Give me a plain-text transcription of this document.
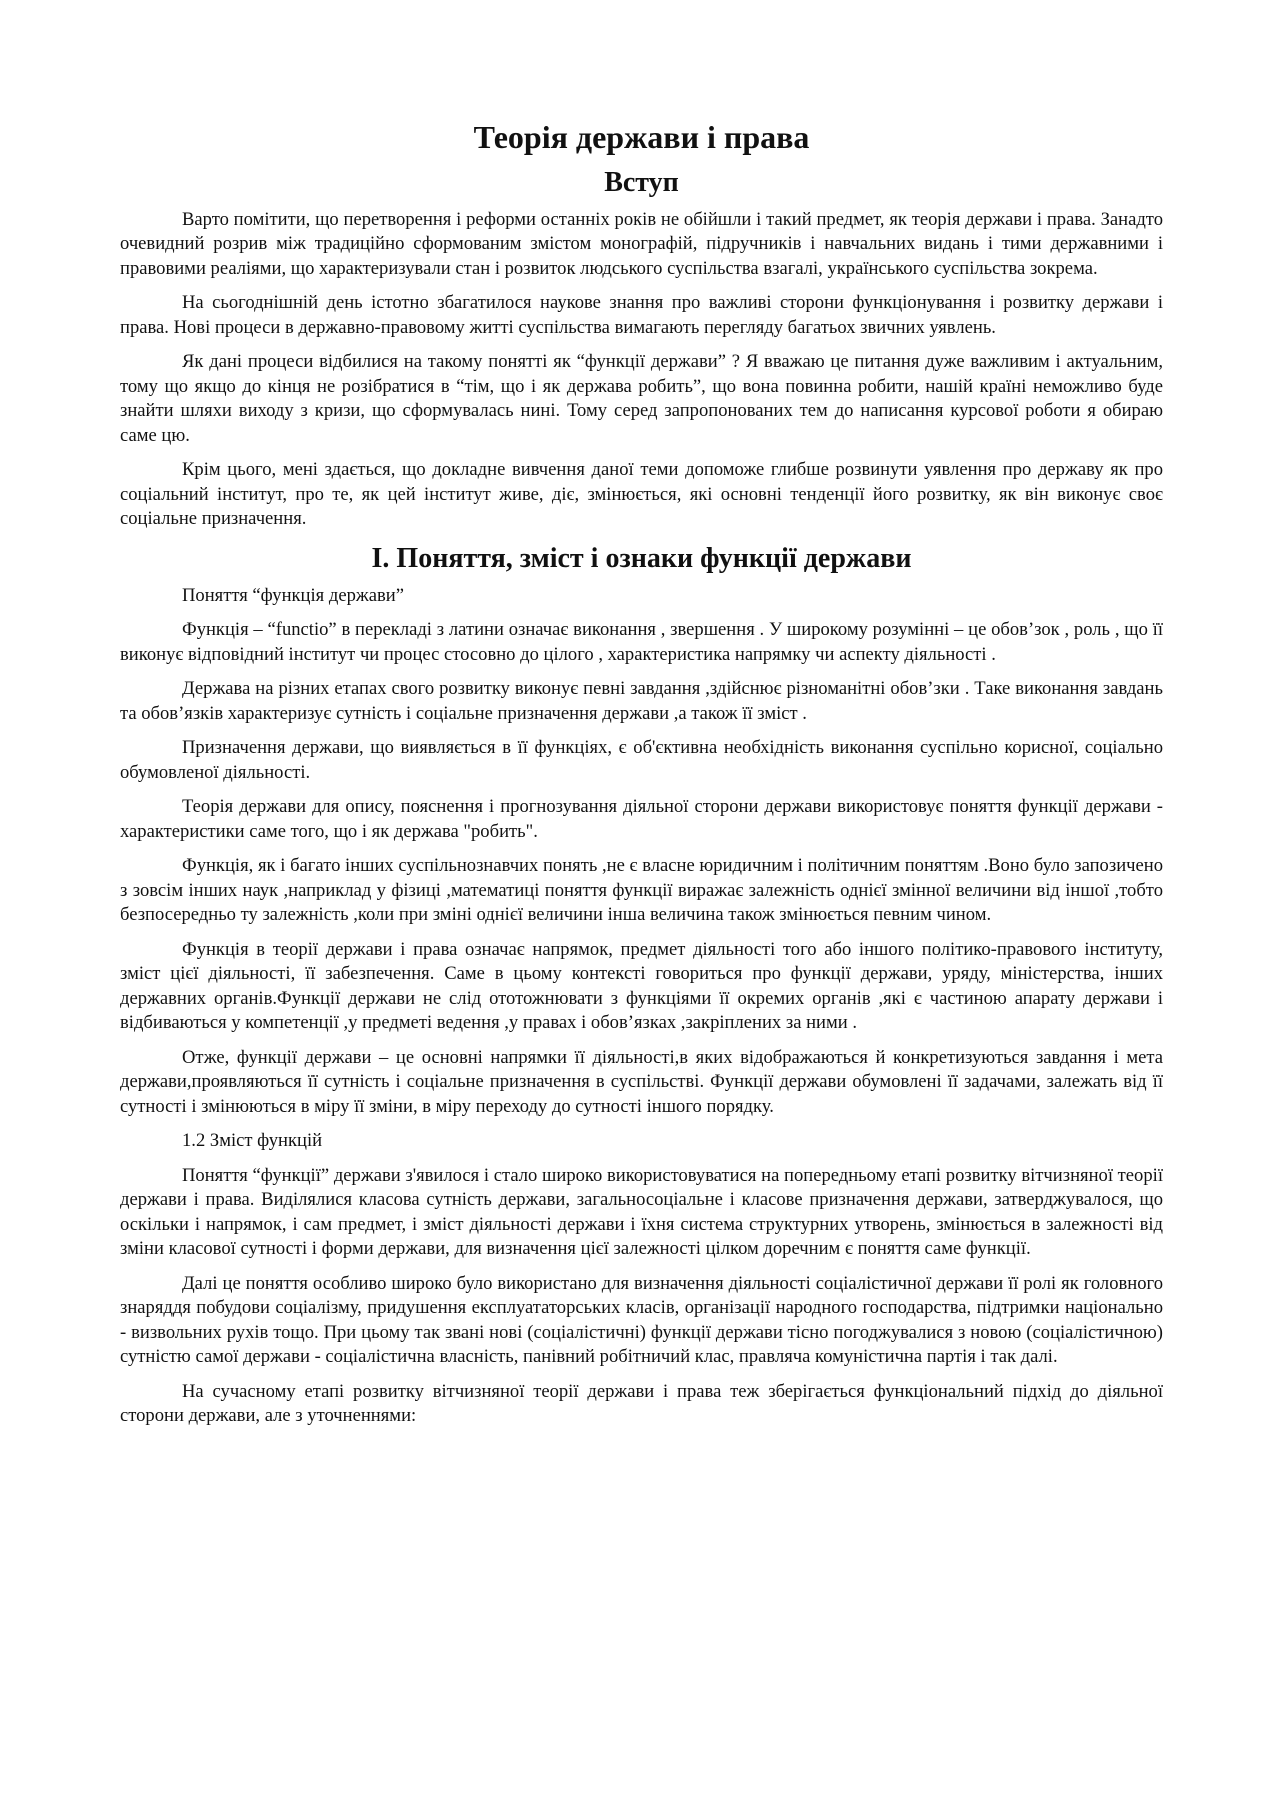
Теорія держави і права
Вступ

Варто помітити, що перетворення і реформи останніх років не обійшли і такий предмет, як теорія держави і права. Занадто очевидний розрив між традиційно сформованим змістом монографій, підручників і навчальних видань і тими державними і правовими реаліями, що характеризували стан і розвиток людського суспільства взагалі, українського суспільства зокрема.

На сьогоднішній день істотно збагатилося наукове знання про важливі сторони функціонування і розвитку держави і права. Нові процеси в державно-правовому житті суспільства вимагають перегляду багатьох звичних уявлень.

Як дані процеси відбилися на такому понятті як “функції держави” ? Я вважаю це питання дуже важливим і актуальним, тому що якщо до кінця не розібратися в “тім, що і як держава робить”, що вона повинна робити, нашій країні неможливо буде знайти шляхи виходу з кризи, що сформувалась нині. Тому серед запропонованих тем до написання курсової роботи я обираю саме цю.

Крім цього, мені здається, що докладне вивчення даної теми допоможе глибше розвинути уявлення про державу як про соціальний інститут, про те, як цей інститут живе, діє, змінюється, які основні тенденції його розвитку, як він виконує своє соціальне призначення.

I. Поняття, зміст і ознаки функції держави

Поняття “функція держави”

Функція – “functio” в перекладі з латини означає виконання , звершення . У широкому розумінні – це обов’зок , роль , що її виконує відповідний інститут чи процес стосовно до цілого , характеристика напрямку чи аспекту діяльності .

Держава на різних етапах свого розвитку виконує певні завдання ,здійснює різноманітні обов’зки . Таке виконання завдань та обов’язків характеризує сутність і соціальне призначення держави ,а також її зміст .

Призначення держави, що виявляється в її функціях, є об'єктивна необхідність виконання суспільно корисної, соціально обумовленої діяльності.

Теорія держави для опису, пояснення і прогнозування діяльної сторони держави використовує поняття функції держави - характеристики саме того, що і як держава "робить".

Функція, як і багато інших суспільнознавчих понять ,не є власне юридичним і політичним поняттям .Воно було запозичено з зовсім інших наук ,наприклад у фізиці ,математиці поняття функції виражає залежність однієї змінної величини від іншої ,тобто безпосередньо ту залежність ,коли при зміні однієї величини інша величина також змінюється певним чином.

Функція в теорії держави і права означає напрямок, предмет діяльності того або іншого політико-правового інституту, зміст цієї діяльності, її забезпечення. Саме в цьому контексті говориться про функції держави, уряду, міністерства, інших державних органів.Функції держави не слід ототожнювати з функціями її окремих органів ,які є частиною апарату держави і відбиваються у компетенції ,у предметі ведення ,у правах і обов’язках ,закріплених за ними .

Отже, функції держави – це основні напрямки її діяльності,в яких відображаються й конкретизуються завдання і мета держави,проявляються її сутність і соціальне призначення в суспільстві. Функції держави обумовлені її задачами, залежать від її сутності і змінюються в міру її зміни, в міру переходу до сутності іншого порядку.

1.2 Зміст функцій

Поняття “функції” держави з'явилося і стало широко використовуватися на попередньому етапі розвитку вітчизняної теорії держави і права. Виділялися класова сутність держави, загальносоціальне і класове призначення держави, затверджувалося, що оскільки і напрямок, і сам предмет, і зміст діяльності держави і їхня система структурних утворень, змінюється в залежності від зміни класової сутності і форми держави, для визначення цієї залежності цілком доречним є поняття саме функції.

Далі це поняття особливо широко було використано для визначення діяльності соціалістичної держави її ролі як головного знаряддя побудови соціалізму, придушення експлуататорських класів, організації народного господарства, підтримки національно - визвольних рухів тощо. При цьому так звані нові (соціалістичні) функції держави тісно погоджувалися з новою (соціалістичною) сутністю самої держави - соціалістична власність, панівний робітничий клас, правляча комуністична партія і так далі.

На сучасному етапі розвитку вітчизняної теорії держави і права теж зберігається функціональний підхід до діяльної сторони держави, але з уточненнями:
